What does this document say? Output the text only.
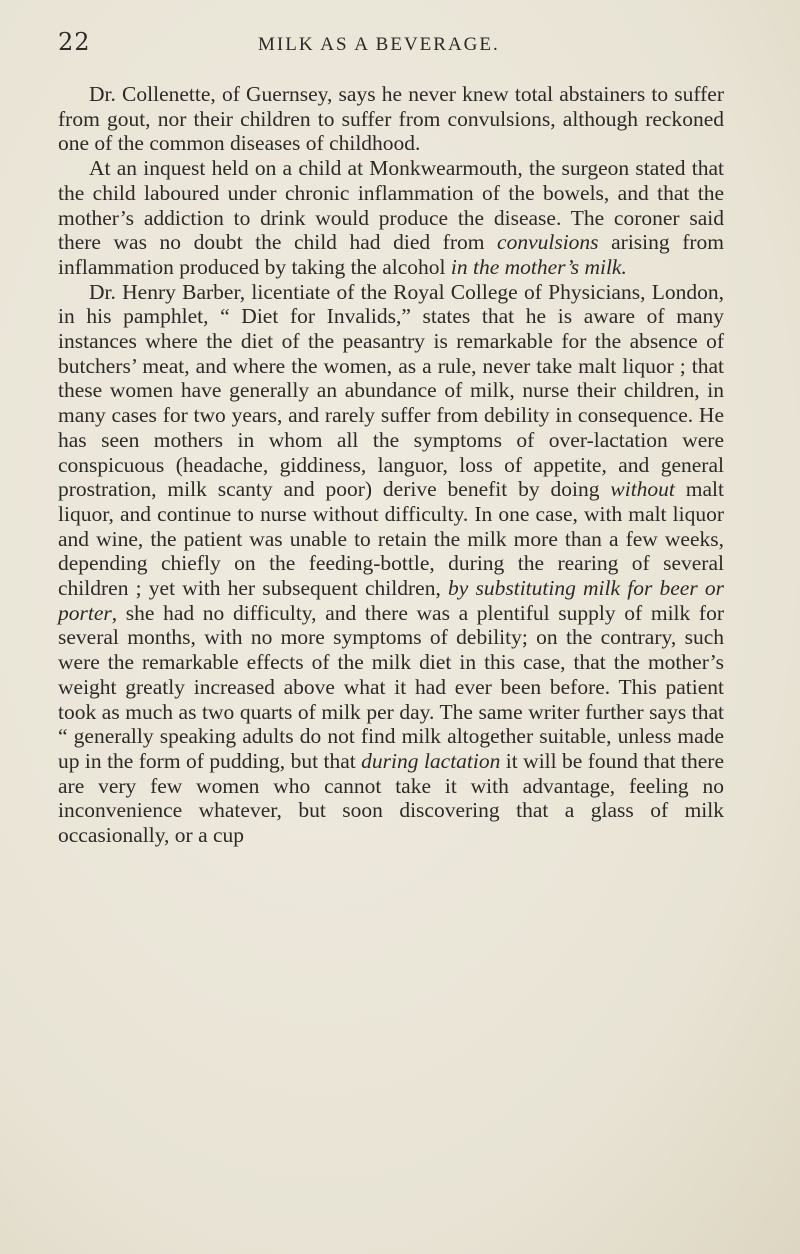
22	MILK AS A BEVERAGE.

Dr. Collenette, of Guernsey, says he never knew total abstainers to suffer from gout, nor their children to suffer from convulsions, although reckoned one of the common diseases of childhood.

At an inquest held on a child at Monkwearmouth, the surgeon stated that the child laboured under chronic inflammation of the bowels, and that the mother’s addiction to drink would produce the disease. The coroner said there was no doubt the child had died from convulsions arising from inflammation produced by taking the alcohol in the mother’s milk.

Dr. Henry Barber, licentiate of the Royal College of Physicians, London, in his pamphlet, “ Diet for Invalids,” states that he is aware of many instances where the diet of the peasantry is remarkable for the absence of butchers’ meat, and where the women, as a rule, never take malt liquor ; that these women have generally an abundance of milk, nurse their children, in many cases for two years, and rarely suffer from debility in consequence. He has seen mothers in whom all the symptoms of over-lactation were conspicuous (headache, giddiness, languor, loss of appetite, and general prostration, milk scanty and poor) derive benefit by doing without malt liquor, and continue to nurse without difficulty. In one case, with malt liquor and wine, the patient was unable to retain the milk more than a few weeks, depending chiefly on the feeding-bottle, during the rearing of several children ; yet with her subsequent children, by substituting milk for beer or porter, she had no difficulty, and there was a plentiful supply of milk for several months, with no more symptoms of debility; on the contrary, such were the remarkable effects of the milk diet in this case, that the mother’s weight greatly increased above what it had ever been before. This patient took as much as two quarts of milk per day. The same writer further says that “ generally speaking adults do not find milk altogether suitable, unless made up in the form of pudding, but that during lactation it will be found that there are very few women who cannot take it with advantage, feeling no inconvenience whatever, but soon discovering that a glass of milk occasionally, or a cup
